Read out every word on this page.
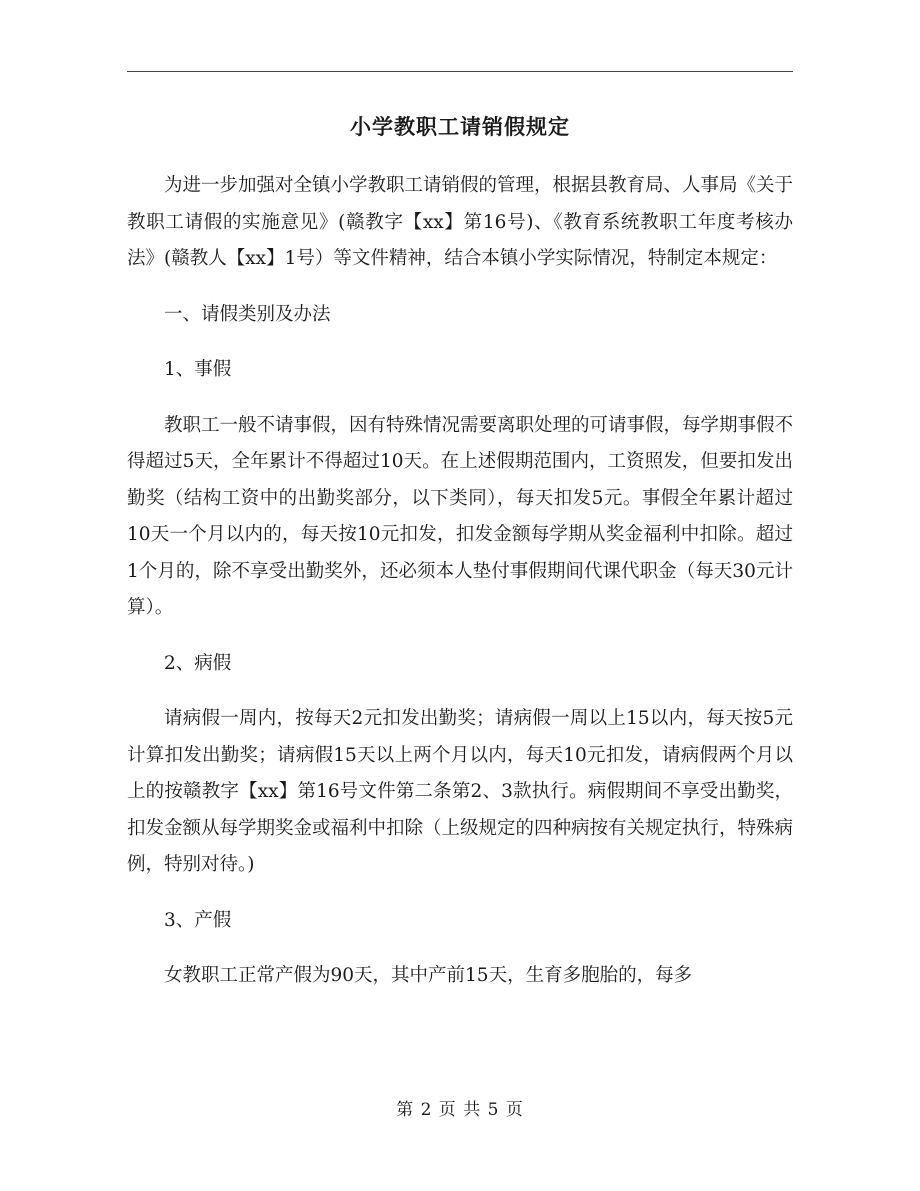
小学教职工请销假规定

为进一步加强对全镇小学教职工请销假的管理，根据县教育局、人事局《关于教职工请假的实施意见》(赣教字【xx】第16号)、《教育系统教职工年度考核办法》(赣教人【xx】1号）等文件精神，结合本镇小学实际情况，特制定本规定：

一、请假类别及办法

1、事假

教职工一般不请事假，因有特殊情况需要离职处理的可请事假，每学期事假不得超过5天，全年累计不得超过10天。在上述假期范围内，工资照发，但要扣发出勤奖（结构工资中的出勤奖部分，以下类同），每天扣发5元。事假全年累计超过10天一个月以内的，每天按10元扣发，扣发金额每学期从奖金福利中扣除。超过1个月的，除不享受出勤奖外，还必须本人垫付事假期间代课代职金（每天30元计算）。

2、病假

请病假一周内，按每天2元扣发出勤奖；请病假一周以上15以内，每天按5元计算扣发出勤奖；请病假15天以上两个月以内，每天10元扣发，请病假两个月以上的按赣教字【xx】第16号文件第二条第2、3款执行。病假期间不享受出勤奖，扣发金额从每学期奖金或福利中扣除（上级规定的四种病按有关规定执行，特殊病例，特别对待。)

3、产假

女教职工正常产假为90天，其中产前15天，生育多胞胎的，每多

第 2 页 共 5 页
